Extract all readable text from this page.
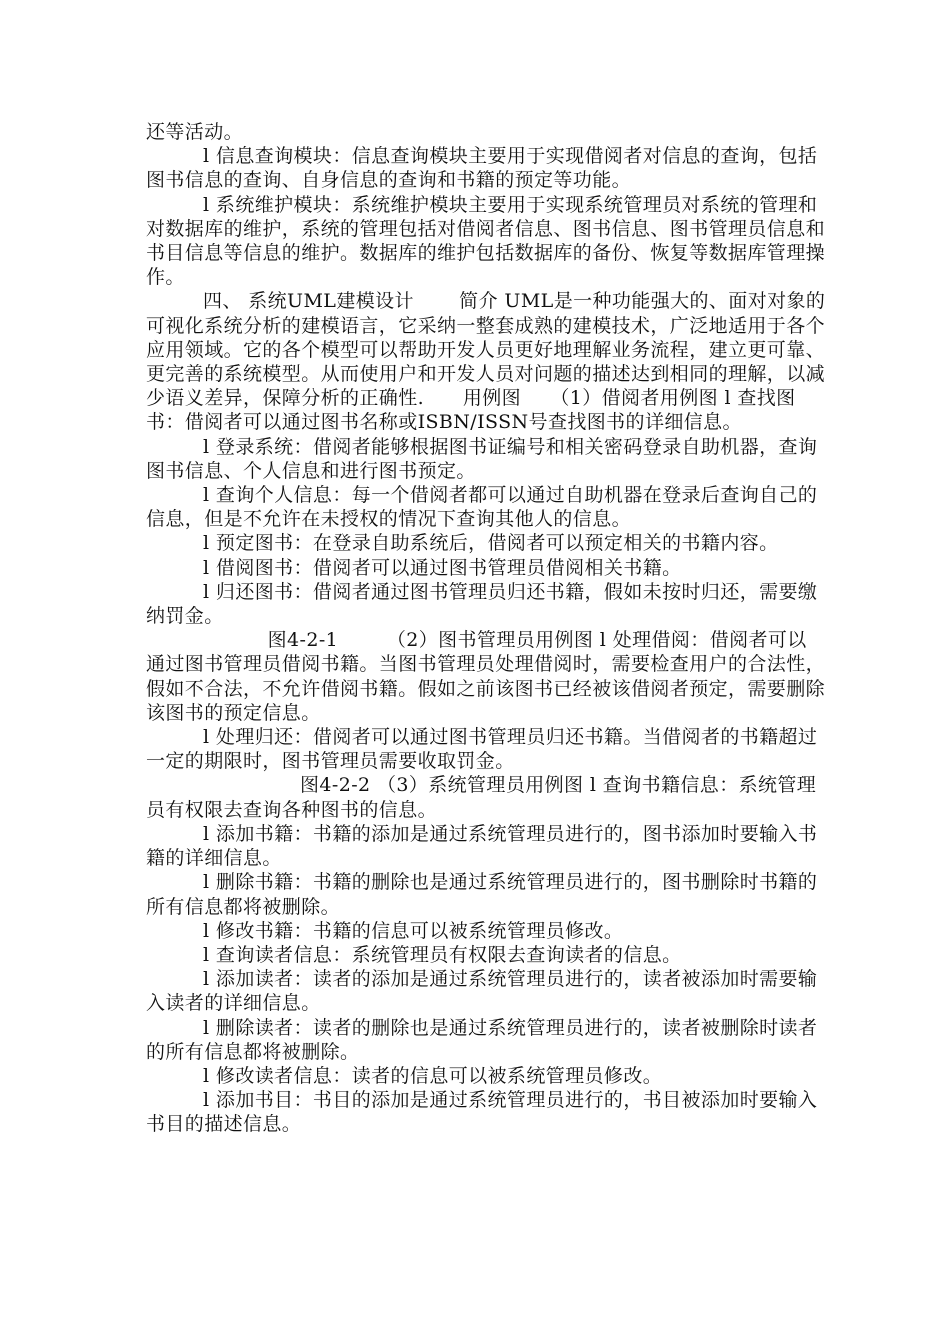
还等活动。

l 信息查询模块：信息查询模块主要用于实现借阅者对信息的查询，包括图书信息的查询、自身信息的查询和书籍的预定等功能。

l 系统维护模块：系统维护模块主要用于实现系统管理员对系统的管理和对数据库的维护，系统的管理包括对借阅者信息、图书信息、图书管理员信息和书目信息等信息的维护。数据库的维护包括数据库的备份、恢复等数据库管理操作。

四、 系统UML建模设计　　 简介 UML是一种功能强大的、面对对象的可视化系统分析的建模语言，它采纳一整套成熟的建模技术，广泛地适用于各个应用领域。它的各个模型可以帮助开发人员更好地理解业务流程，建立更可靠、更完善的系统模型。从而使用户和开发人员对问题的描述达到相同的理解，以减少语义差异，保障分析的正确性.　　用例图　　（1）借阅者用例图 l 查找图书：借阅者可以通过图书名称或ISBN/ISSN号查找图书的详细信息。

l 登录系统：借阅者能够根据图书证编号和相关密码登录自助机器，查询图书信息、个人信息和进行图书预定。

l 查询个人信息：每一个借阅者都可以通过自助机器在登录后查询自己的信息，但是不允许在未授权的情况下查询其他人的信息。

l 预定图书：在登录自助系统后，借阅者可以预定相关的书籍内容。

l 借阅图书：借阅者可以通过图书管理员借阅相关书籍。

l 归还图书：借阅者通过图书管理员归还书籍，假如未按时归还，需要缴纳罚金。

　　　 图4-2-1　　　（2）图书管理员用例图 l 处理借阅：借阅者可以通过图书管理员借阅书籍。当图书管理员处理借阅时，需要检查用户的合法性，假如不合法，不允许借阅书籍。假如之前该图书已经被该借阅者预定，需要删除该图书的预定信息。

l 处理归还：借阅者可以通过图书管理员归还书籍。当借阅者的书籍超过一定的期限时，图书管理员需要收取罚金。

　　　　　图4-2-2 （3）系统管理员用例图 l 查询书籍信息：系统管理员有权限去查询各种图书的信息。

l 添加书籍：书籍的添加是通过系统管理员进行的，图书添加时要输入书籍的详细信息。

l 删除书籍：书籍的删除也是通过系统管理员进行的，图书删除时书籍的所有信息都将被删除。

l 修改书籍：书籍的信息可以被系统管理员修改。

l 查询读者信息：系统管理员有权限去查询读者的信息。

l 添加读者：读者的添加是通过系统管理员进行的，读者被添加时需要输入读者的详细信息。

l 删除读者：读者的删除也是通过系统管理员进行的，读者被删除时读者的所有信息都将被删除。

l 修改读者信息：读者的信息可以被系统管理员修改。

l 添加书目：书目的添加是通过系统管理员进行的，书目被添加时要输入书目的描述信息。
